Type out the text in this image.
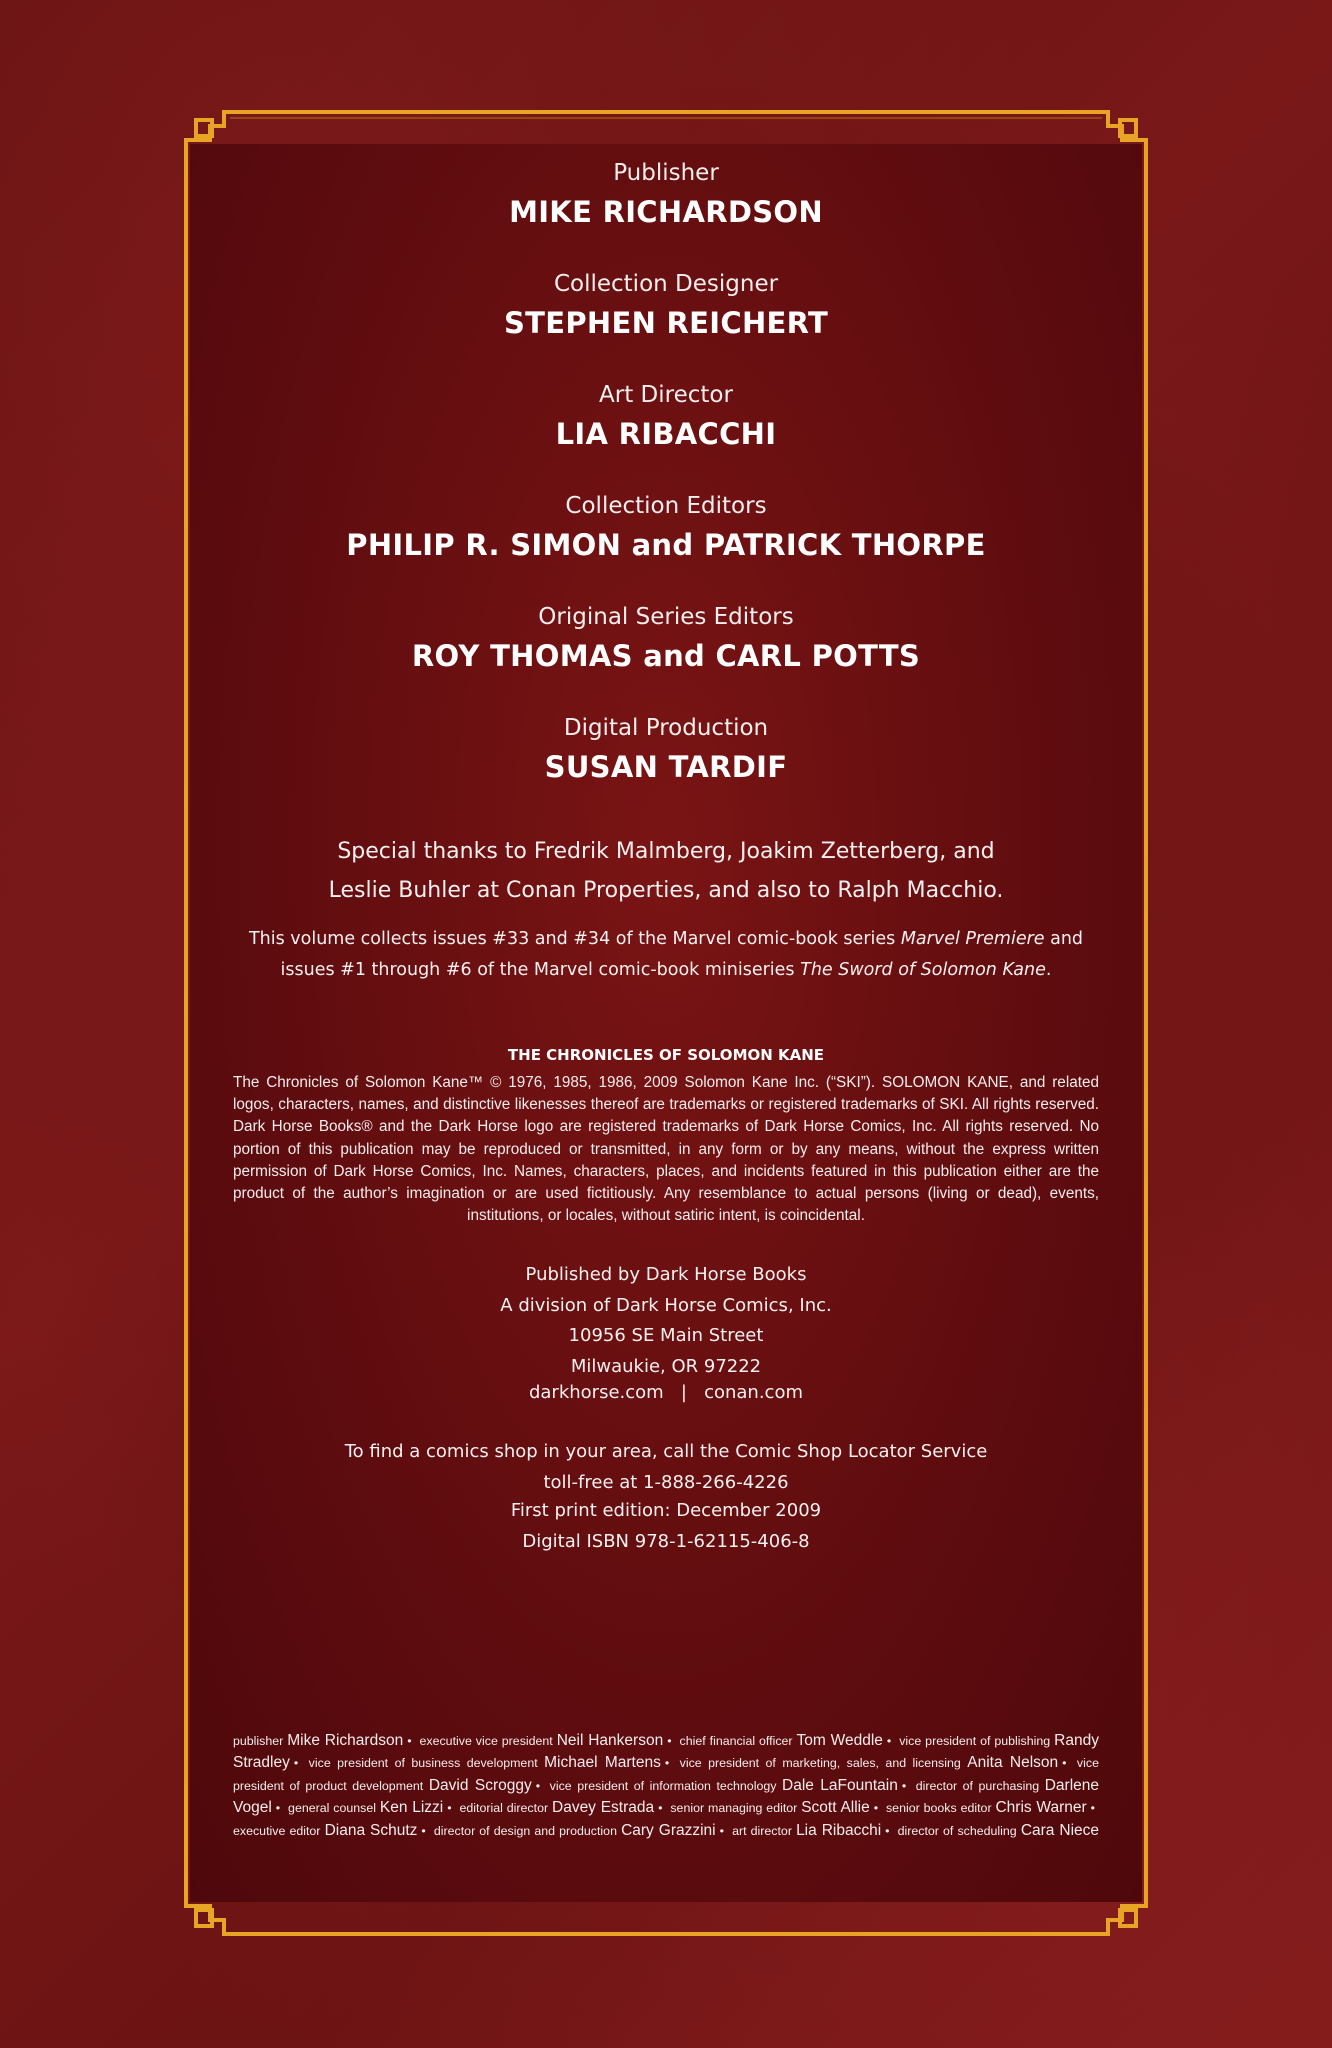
Publisher
MIKE RICHARDSON
Collection Designer
STEPHEN REICHERT
Art Director
LIA RIBACCHI
Collection Editors
PHILIP R. SIMON and PATRICK THORPE
Original Series Editors
ROY THOMAS and CARL POTTS
Digital Production
SUSAN TARDIF
Special thanks to Fredrik Malmberg, Joakim Zetterberg, and
Leslie Buhler at Conan Properties, and also to Ralph Macchio.
This volume collects issues #33 and #34 of the Marvel comic-book series Marvel Premiere and
issues #1 through #6 of the Marvel comic-book miniseries The Sword of Solomon Kane.
THE CHRONICLES OF SOLOMON KANE
The Chronicles of Solomon Kane™ © 1976, 1985, 1986, 2009 Solomon Kane Inc. (“SKI”). SOLOMON KANE, and related logos, characters, names, and distinctive likenesses thereof are trademarks or registered trademarks of SKI. All rights reserved. Dark Horse Books® and the Dark Horse logo are registered trademarks of Dark Horse Comics, Inc. All rights reserved. No portion of this publication may be reproduced or transmitted, in any form or by any means, without the express written permission of Dark Horse Comics, Inc. Names, characters, places, and incidents featured in this publication either are the product of the author’s imagination or are used fictitiously. Any resemblance to actual persons (living or dead), events, institutions, or locales, without satiric intent, is coincidental.
Published by Dark Horse Books
A division of Dark Horse Comics, Inc.
10956 SE Main Street
Milwaukie, OR 97222
darkhorse.com   |   conan.com
To find a comics shop in your area, call the Comic Shop Locator Service
toll-free at 1-888-266-4226
First print edition: December 2009
Digital ISBN 978-1-62115-406-8
publisher Mike Richardson • executive vice president Neil Hankerson • chief financial officer Tom Weddle • vice president of publishing Randy Stradley • vice president of business development Michael Martens • vice president of marketing, sales, and licensing Anita Nelson • vice president of product development David Scroggy • vice president of information technology Dale LaFountain • director of purchasing Darlene Vogel • general counsel Ken Lizzi • editorial director Davey Estrada • senior managing editor Scott Allie • senior books editor Chris Warner • executive editor Diana Schutz • director of design and production Cary Grazzini • art director Lia Ribacchi • director of scheduling Cara Niece
